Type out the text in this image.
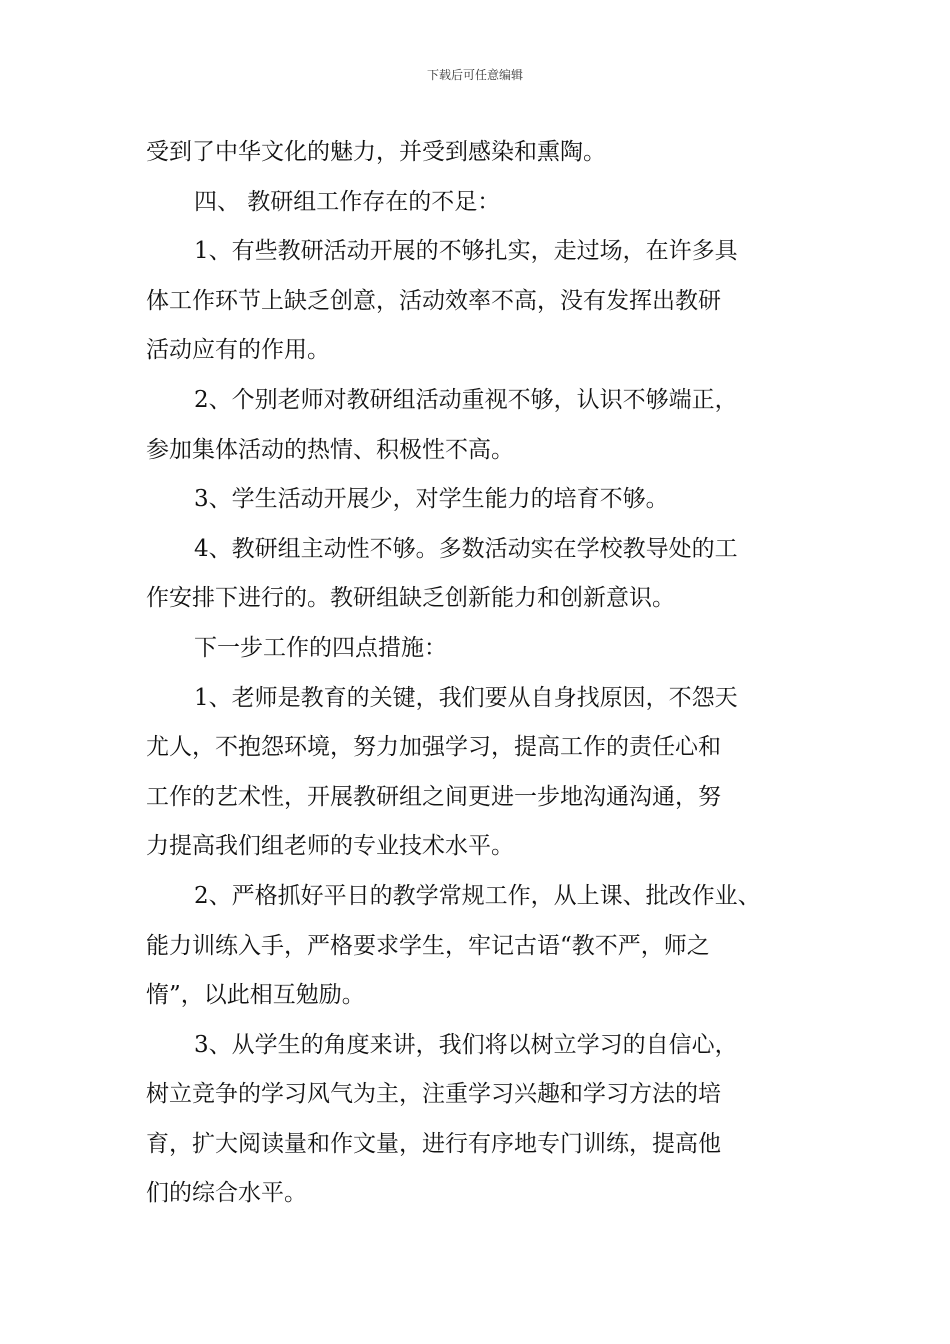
下载后可任意编辑
受到了中华文化的魅力，并受到感染和熏陶。
四、 教研组工作存在的不足：
1、有些教研活动开展的不够扎实，走过场，在许多具
体工作环节上缺乏创意，活动效率不高，没有发挥出教研
活动应有的作用。
2、个别老师对教研组活动重视不够，认识不够端正，
参加集体活动的热情、积极性不高。
3、学生活动开展少，对学生能力的培育不够。
4、教研组主动性不够。多数活动实在学校教导处的工
作安排下进行的。教研组缺乏创新能力和创新意识。
下一步工作的四点措施：
1、老师是教育的关键，我们要从自身找原因，不怨天
尤人，不抱怨环境，努力加强学习，提高工作的责任心和
工作的艺术性，开展教研组之间更进一步地沟通沟通，努
力提高我们组老师的专业技术水平。
2、严格抓好平日的教学常规工作，从上课、批改作业、
能力训练入手，严格要求学生，牢记古语“教不严，师之
惰”，以此相互勉励。
3、从学生的角度来讲，我们将以树立学习的自信心，
树立竞争的学习风气为主，注重学习兴趣和学习方法的培
育，扩大阅读量和作文量，进行有序地专门训练，提高他
们的综合水平。
